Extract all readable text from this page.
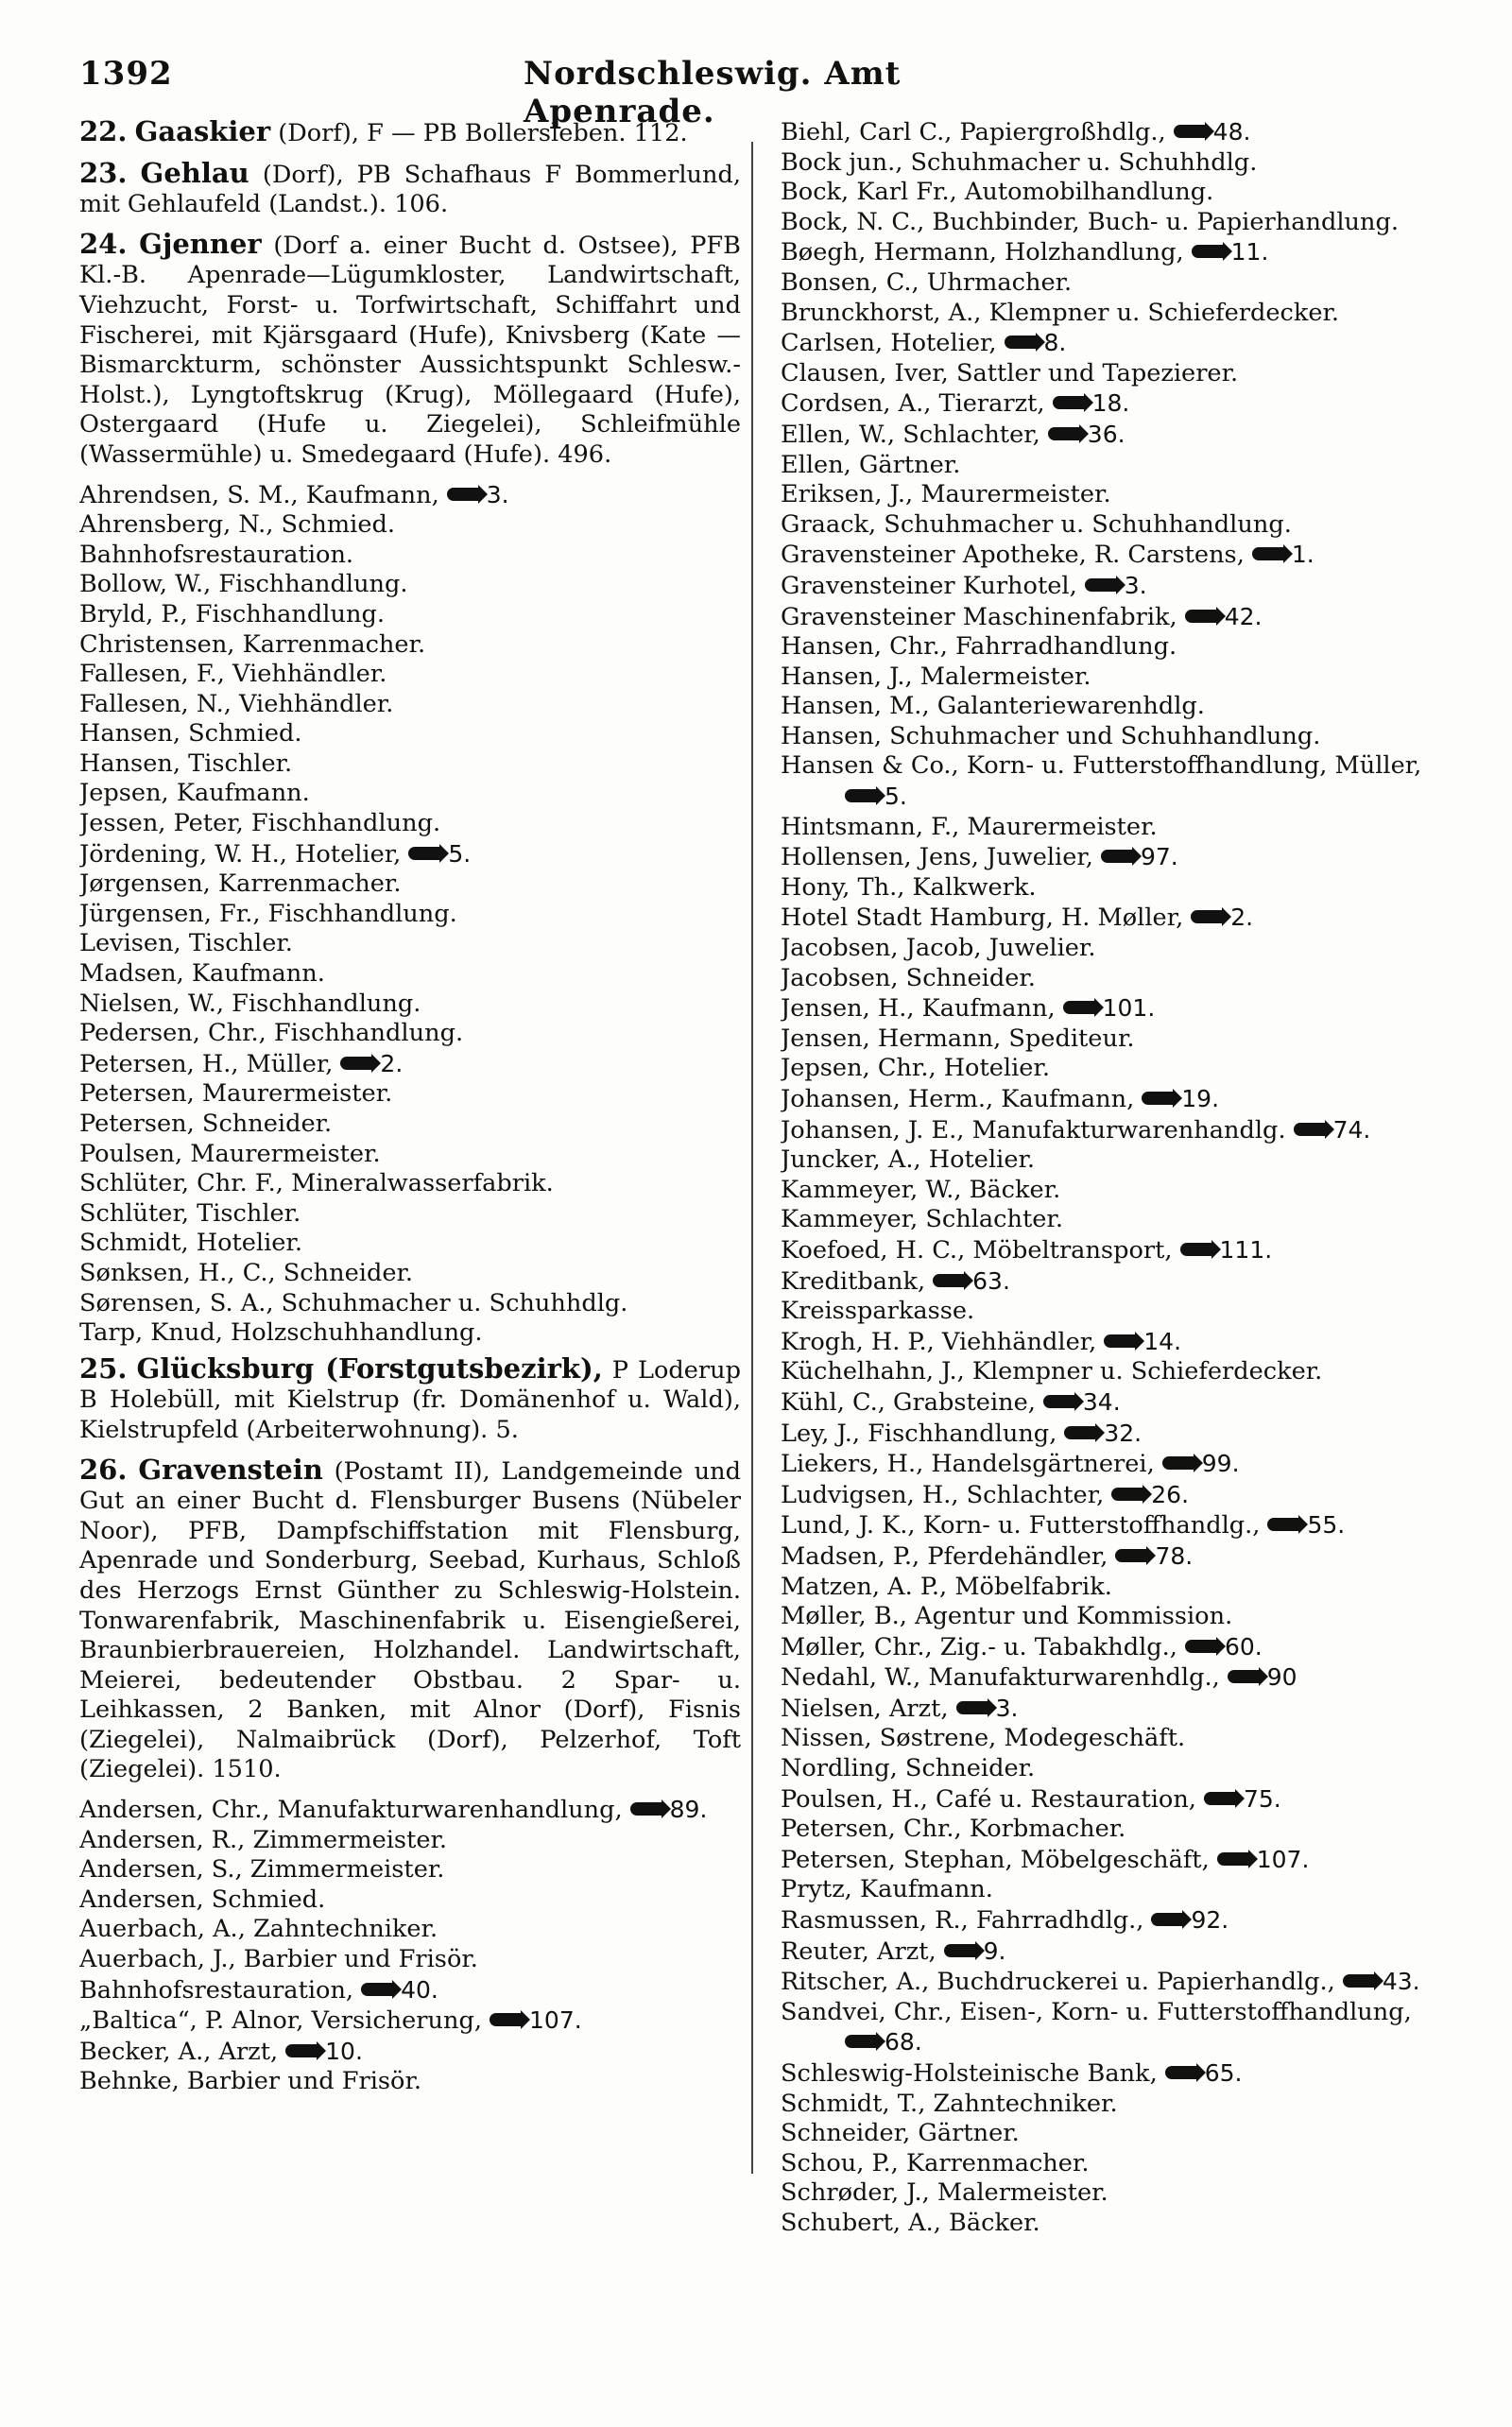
1392	Nordschleswig. Amt Apenrade.

22. Gaaskier (Dorf), F — PB Bollersleben. 112.

23. Gehlau (Dorf), PB Schafhaus F Bommerlund, mit Gehlaufeld (Landst.). 106.

24. Gjenner (Dorf a. einer Bucht d. Ostsee), PFB Kl.-B. Apenrade—Lügumkloster, Landwirtschaft, Viehzucht, Forst- u. Torfwirtschaft, Schiffahrt und Fischerei, mit Kjärsgaard (Hufe), Knivsberg (Kate — Bismarckturm, schönster Aussichtspunkt Schlesw.-Holst.), Lyngtoftskrug (Krug), Möllegaard (Hufe), Ostergaard (Hufe u. Ziegelei), Schleifmühle (Wassermühle) u. Smedegaard (Hufe). 496.

Ahrendsen, S. M., Kaufmann, 3.

Ahrensberg, N., Schmied.

Bahnhofsrestauration.

Bollow, W., Fischhandlung.

Bryld, P., Fischhandlung.

Christensen, Karrenmacher.

Fallesen, F., Viehhändler.

Fallesen, N., Viehhändler.

Hansen, Schmied.

Hansen, Tischler.

Jepsen, Kaufmann.

Jessen, Peter, Fischhandlung.

Jördening, W. H., Hotelier, 5.

Jørgensen, Karrenmacher.

Jürgensen, Fr., Fischhandlung.

Levisen, Tischler.

Madsen, Kaufmann.

Nielsen, W., Fischhandlung.

Pedersen, Chr., Fischhandlung.

Petersen, H., Müller, 2.

Petersen, Maurermeister.

Petersen, Schneider.

Poulsen, Maurermeister.

Schlüter, Chr. F., Mineralwasserfabrik.

Schlüter, Tischler.

Schmidt, Hotelier.

Sønksen, H., C., Schneider.

Sørensen, S. A., Schuhmacher u. Schuhhdlg.

Tarp, Knud, Holzschuhhandlung.

25. Glücksburg (Forstgutsbezirk), P Loderup B Holebüll, mit Kielstrup (fr. Domänenhof u. Wald), Kielstrupfeld (Arbeiterwohnung). 5.

26. Gravenstein (Postamt II), Landgemeinde und Gut an einer Bucht d. Flensburger Busens (Nübeler Noor), PFB, Dampfschiffstation mit Flensburg, Apenrade und Sonderburg, Seebad, Kurhaus, Schloß des Herzogs Ernst Günther zu Schleswig-Holstein. Tonwarenfabrik, Maschinenfabrik u. Eisengießerei, Braunbierbrauereien, Holzhandel. Landwirtschaft, Meierei, bedeutender Obstbau. 2 Spar- u. Leihkassen, 2 Banken, mit Alnor (Dorf), Fisnis (Ziegelei), Nalmaibrück (Dorf), Pelzerhof, Toft (Ziegelei). 1510.

Andersen, Chr., Manufakturwarenhandlung, 89.

Andersen, R., Zimmermeister.

Andersen, S., Zimmermeister.

Andersen, Schmied.

Auerbach, A., Zahntechniker.

Auerbach, J., Barbier und Frisör.

Bahnhofsrestauration, 40.

„Baltica“, P. Alnor, Versicherung, 107.

Becker, A., Arzt, 10.

Behnke, Barbier und Frisör.

Biehl, Carl C., Papiergroßhdlg., 48.

Bock jun., Schuhmacher u. Schuhhdlg.

Bock, Karl Fr., Automobilhandlung.

Bock, N. C., Buchbinder, Buch- u. Papierhandlung.

Bøegh, Hermann, Holzhandlung, 11.

Bonsen, C., Uhrmacher.

Brunckhorst, A., Klempner u. Schieferdecker.

Carlsen, Hotelier, 8.

Clausen, Iver, Sattler und Tapezierer.

Cordsen, A., Tierarzt, 18.

Ellen, W., Schlachter, 36.

Ellen, Gärtner.

Eriksen, J., Maurermeister.

Graack, Schuhmacher u. Schuhhandlung.

Gravensteiner Apotheke, R. Carstens, 1.

Gravensteiner Kurhotel, 3.

Gravensteiner Maschinenfabrik, 42.

Hansen, Chr., Fahrradhandlung.

Hansen, J., Malermeister.

Hansen, M., Galanteriewarenhdlg.

Hansen, Schuhmacher und Schuhhandlung.

Hansen & Co., Korn- u. Futterstoffhandlung, Müller,5.

Hintsmann, F., Maurermeister.

Hollensen, Jens, Juwelier, 97.

Hony, Th., Kalkwerk.

Hotel Stadt Hamburg, H. Møller, 2.

Jacobsen, Jacob, Juwelier.

Jacobsen, Schneider.

Jensen, H., Kaufmann, 101.

Jensen, Hermann, Spediteur.

Jepsen, Chr., Hotelier.

Johansen, Herm., Kaufmann, 19.

Johansen, J. E., Manufakturwarenhandlg. 74.

Juncker, A., Hotelier.

Kammeyer, W., Bäcker.

Kammeyer, Schlachter.

Koefoed, H. C., Möbeltransport, 111.

Kreditbank, 63.

Kreissparkasse.

Krogh, H. P., Viehhändler, 14.

Küchelhahn, J., Klempner u. Schieferdecker.

Kühl, C., Grabsteine, 34.

Ley, J., Fischhandlung, 32.

Liekers, H., Handelsgärtnerei, 99.

Ludvigsen, H., Schlachter, 26.

Lund, J. K., Korn- u. Futterstoffhandlg., 55.

Madsen, P., Pferdehändler, 78.

Matzen, A. P., Möbelfabrik.

Møller, B., Agentur und Kommission.

Møller, Chr., Zig.- u. Tabakhdlg., 60.

Nedahl, W., Manufakturwarenhdlg., 90

Nielsen, Arzt, 3.

Nissen, Søstrene, Modegeschäft.

Nordling, Schneider.

Poulsen, H., Café u. Restauration, 75.

Petersen, Chr., Korbmacher.

Petersen, Stephan, Möbelgeschäft, 107.

Prytz, Kaufmann.

Rasmussen, R., Fahrradhdlg., 92.

Reuter, Arzt, 9.

Ritscher, A., Buchdruckerei u. Papierhandlg., 43.

Sandvei, Chr., Eisen-, Korn- u. Futterstoffhandlung,68.

Schleswig-Holsteinische Bank, 65.

Schmidt, T., Zahntechniker.

Schneider, Gärtner.

Schou, P., Karrenmacher.

Schrøder, J., Malermeister.

Schubert, A., Bäcker.
